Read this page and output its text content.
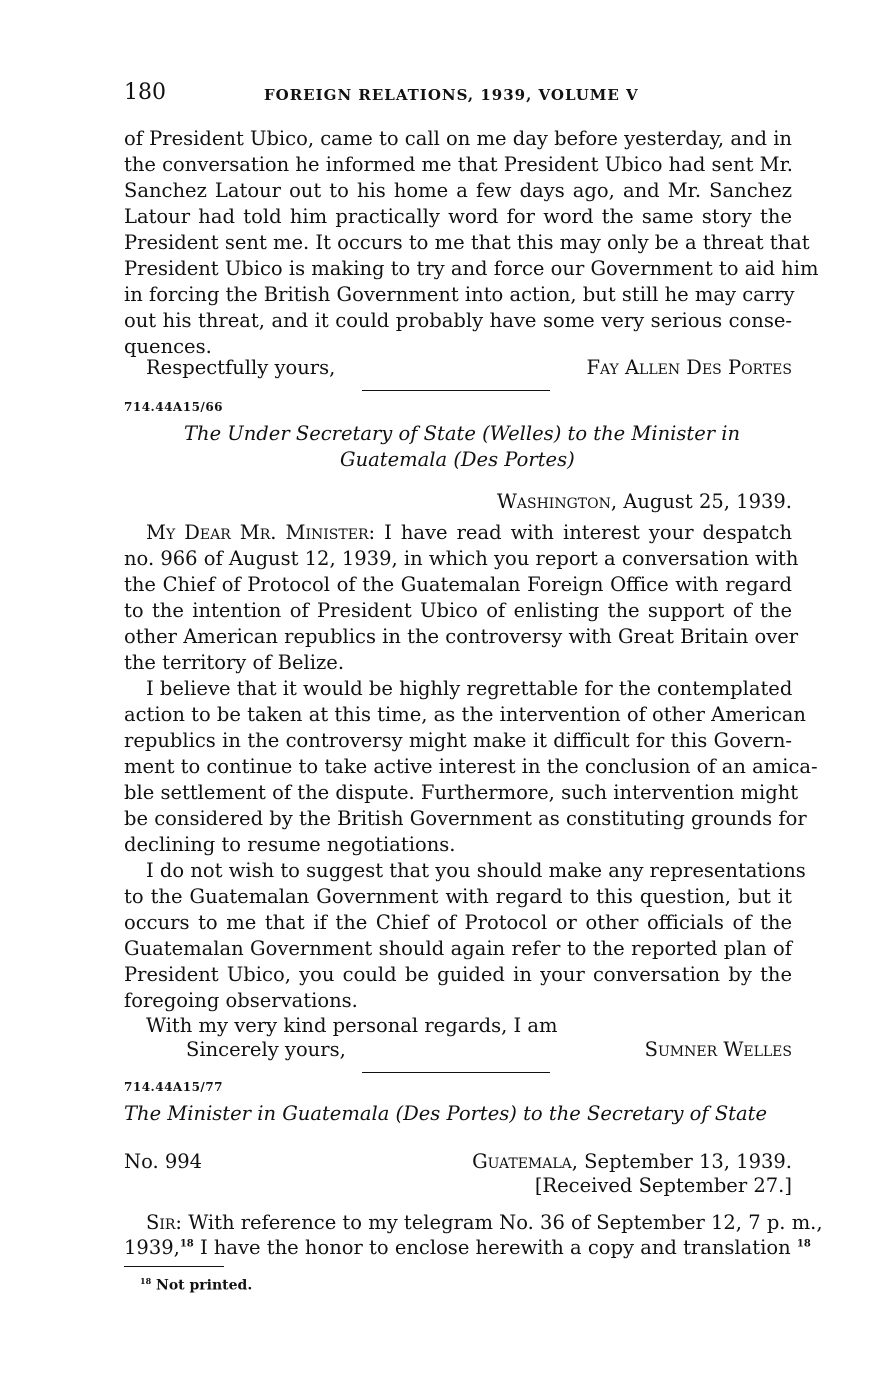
180	FOREIGN RELATIONS, 1939, VOLUME V
of President Ubico, came to call on me day before yesterday, and in
the conversation he informed me that President Ubico had sent Mr.
Sanchez Latour out to his home a few days ago, and Mr. Sanchez
Latour had told him practically word for word the same story the
President sent me. It occurs to me that this may only be a threat that
President Ubico is making to try and force our Government to aid him
in forcing the British Government into action, but still he may carry
out his threat, and it could probably have some very serious conse-
quences.
Respectfully yours,	Fay Allen Des Portes
714.44A15/66
The Under Secretary of State (Welles) to the Minister in
Guatemala (Des Portes)
Washington, August 25, 1939.
My Dear Mr. Minister: I have read with interest your despatch
no. 966 of August 12, 1939, in which you report a conversation with
the Chief of Protocol of the Guatemalan Foreign Office with regard
to the intention of President Ubico of enlisting the support of the
other American republics in the controversy with Great Britain over
the territory of Belize.
I believe that it would be highly regrettable for the contemplated
action to be taken at this time, as the intervention of other American
republics in the controversy might make it difficult for this Govern-
ment to continue to take active interest in the conclusion of an amica-
ble settlement of the dispute. Furthermore, such intervention might
be considered by the British Government as constituting grounds for
declining to resume negotiations.
I do not wish to suggest that you should make any representations
to the Guatemalan Government with regard to this question, but it
occurs to me that if the Chief of Protocol or other officials of the
Guatemalan Government should again refer to the reported plan of
President Ubico, you could be guided in your conversation by the
foregoing observations.
With my very kind personal regards, I am
Sincerely yours,	Sumner Welles
714.44A15/77
The Minister in Guatemala (Des Portes) to the Secretary of State
No. 994	Guatemala, September 13, 1939.
[Received September 27.]
Sir: With reference to my telegram No. 36 of September 12, 7 p. m.,
1939,18 I have the honor to enclose herewith a copy and translation $^{18}$
$^{18}$ Not printed.
